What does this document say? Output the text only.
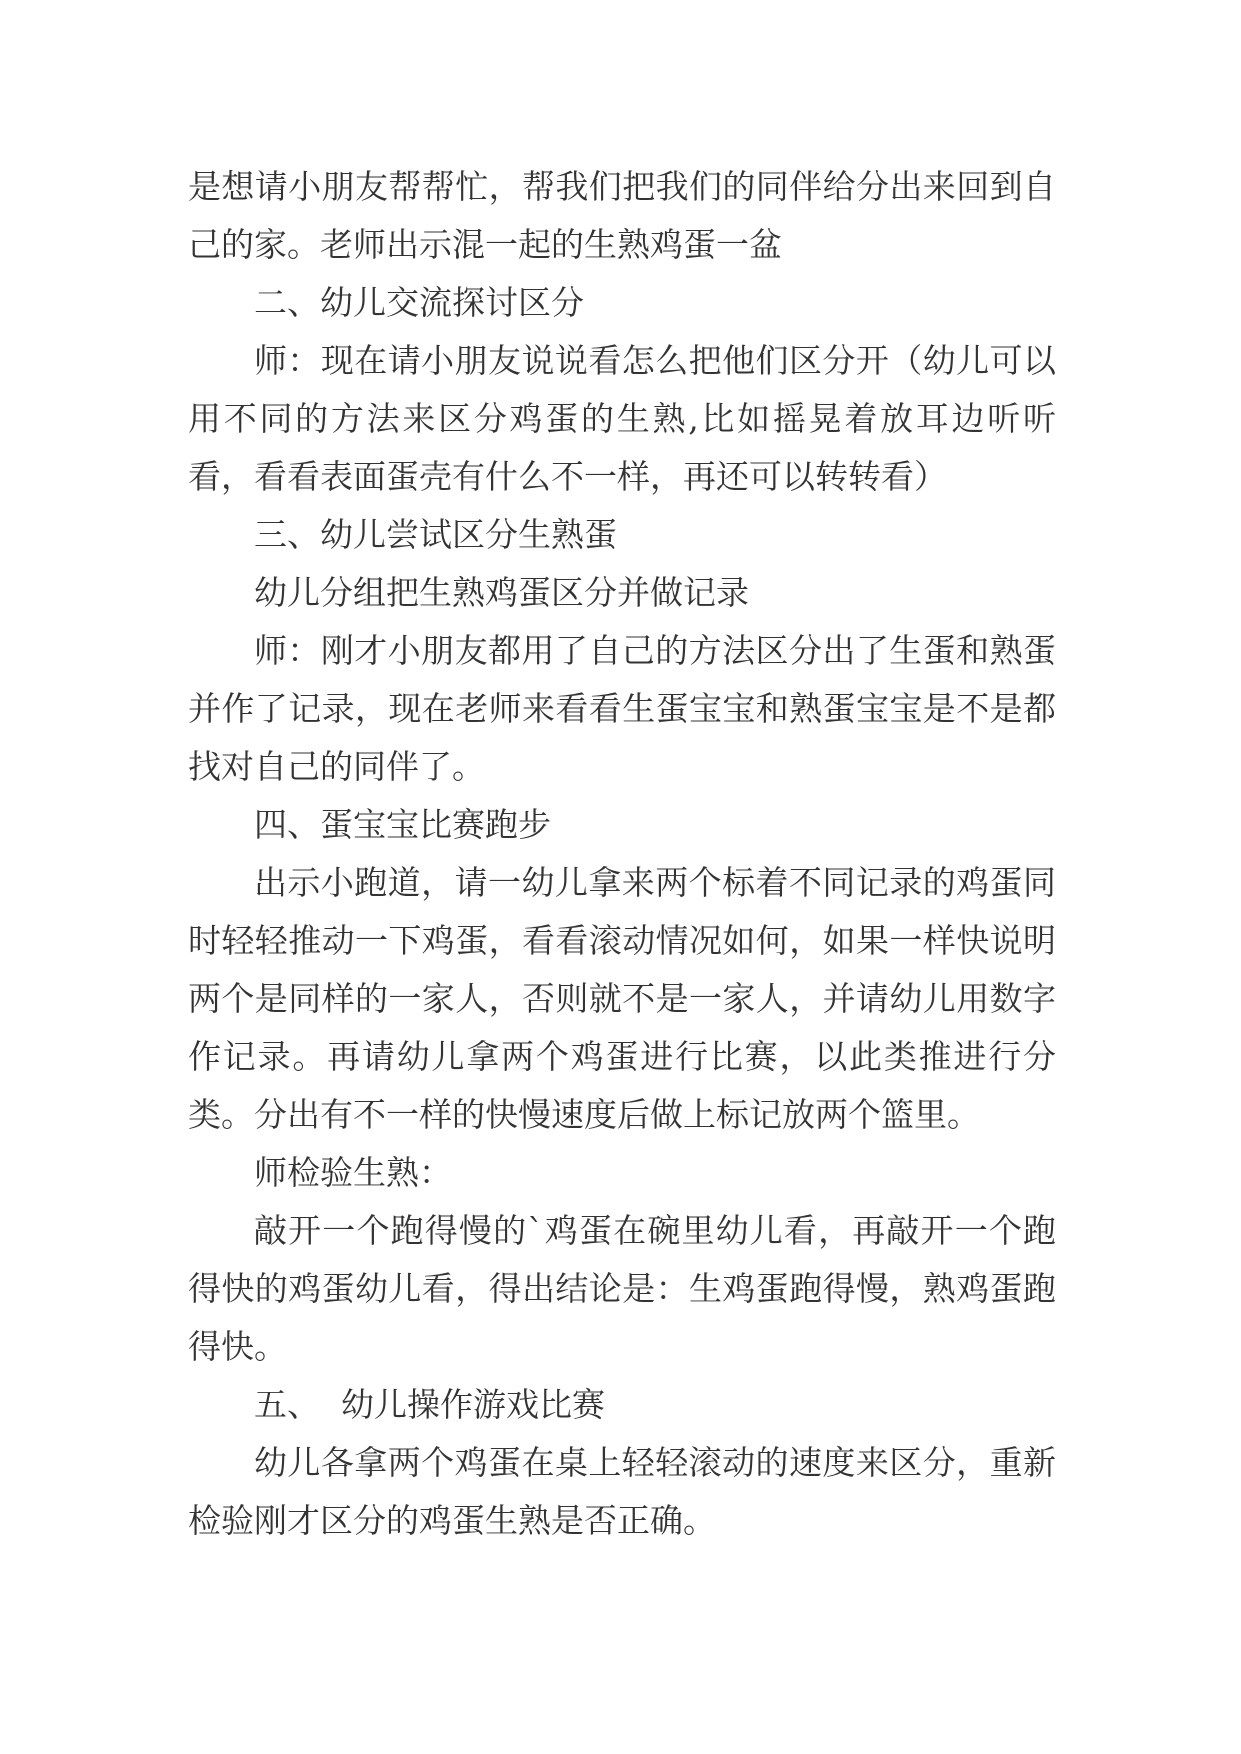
是想请小朋友帮帮忙，帮我们把我们的同伴给分出来回到自己的家。老师出示混一起的生熟鸡蛋一盆

二、幼儿交流探讨区分

师：现在请小朋友说说看怎么把他们区分开（幼儿可以用不同的方法来区分鸡蛋的生熟,比如摇晃着放耳边听听看，看看表面蛋壳有什么不一样，再还可以转转看）

三、幼儿尝试区分生熟蛋

幼儿分组把生熟鸡蛋区分并做记录

师：刚才小朋友都用了自己的方法区分出了生蛋和熟蛋并作了记录，现在老师来看看生蛋宝宝和熟蛋宝宝是不是都找对自己的同伴了。

四、蛋宝宝比赛跑步

出示小跑道，请一幼儿拿来两个标着不同记录的鸡蛋同时轻轻推动一下鸡蛋，看看滚动情况如何，如果一样快说明两个是同样的一家人，否则就不是一家人，并请幼儿用数字作记录。再请幼儿拿两个鸡蛋进行比赛，以此类推进行分类。分出有不一样的快慢速度后做上标记放两个篮里。

师检验生熟：

敲开一个跑得慢的`鸡蛋在碗里幼儿看，再敲开一个跑得快的鸡蛋幼儿看，得出结论是：生鸡蛋跑得慢，熟鸡蛋跑得快。

五、  幼儿操作游戏比赛

幼儿各拿两个鸡蛋在桌上轻轻滚动的速度来区分，重新检验刚才区分的鸡蛋生熟是否正确。
